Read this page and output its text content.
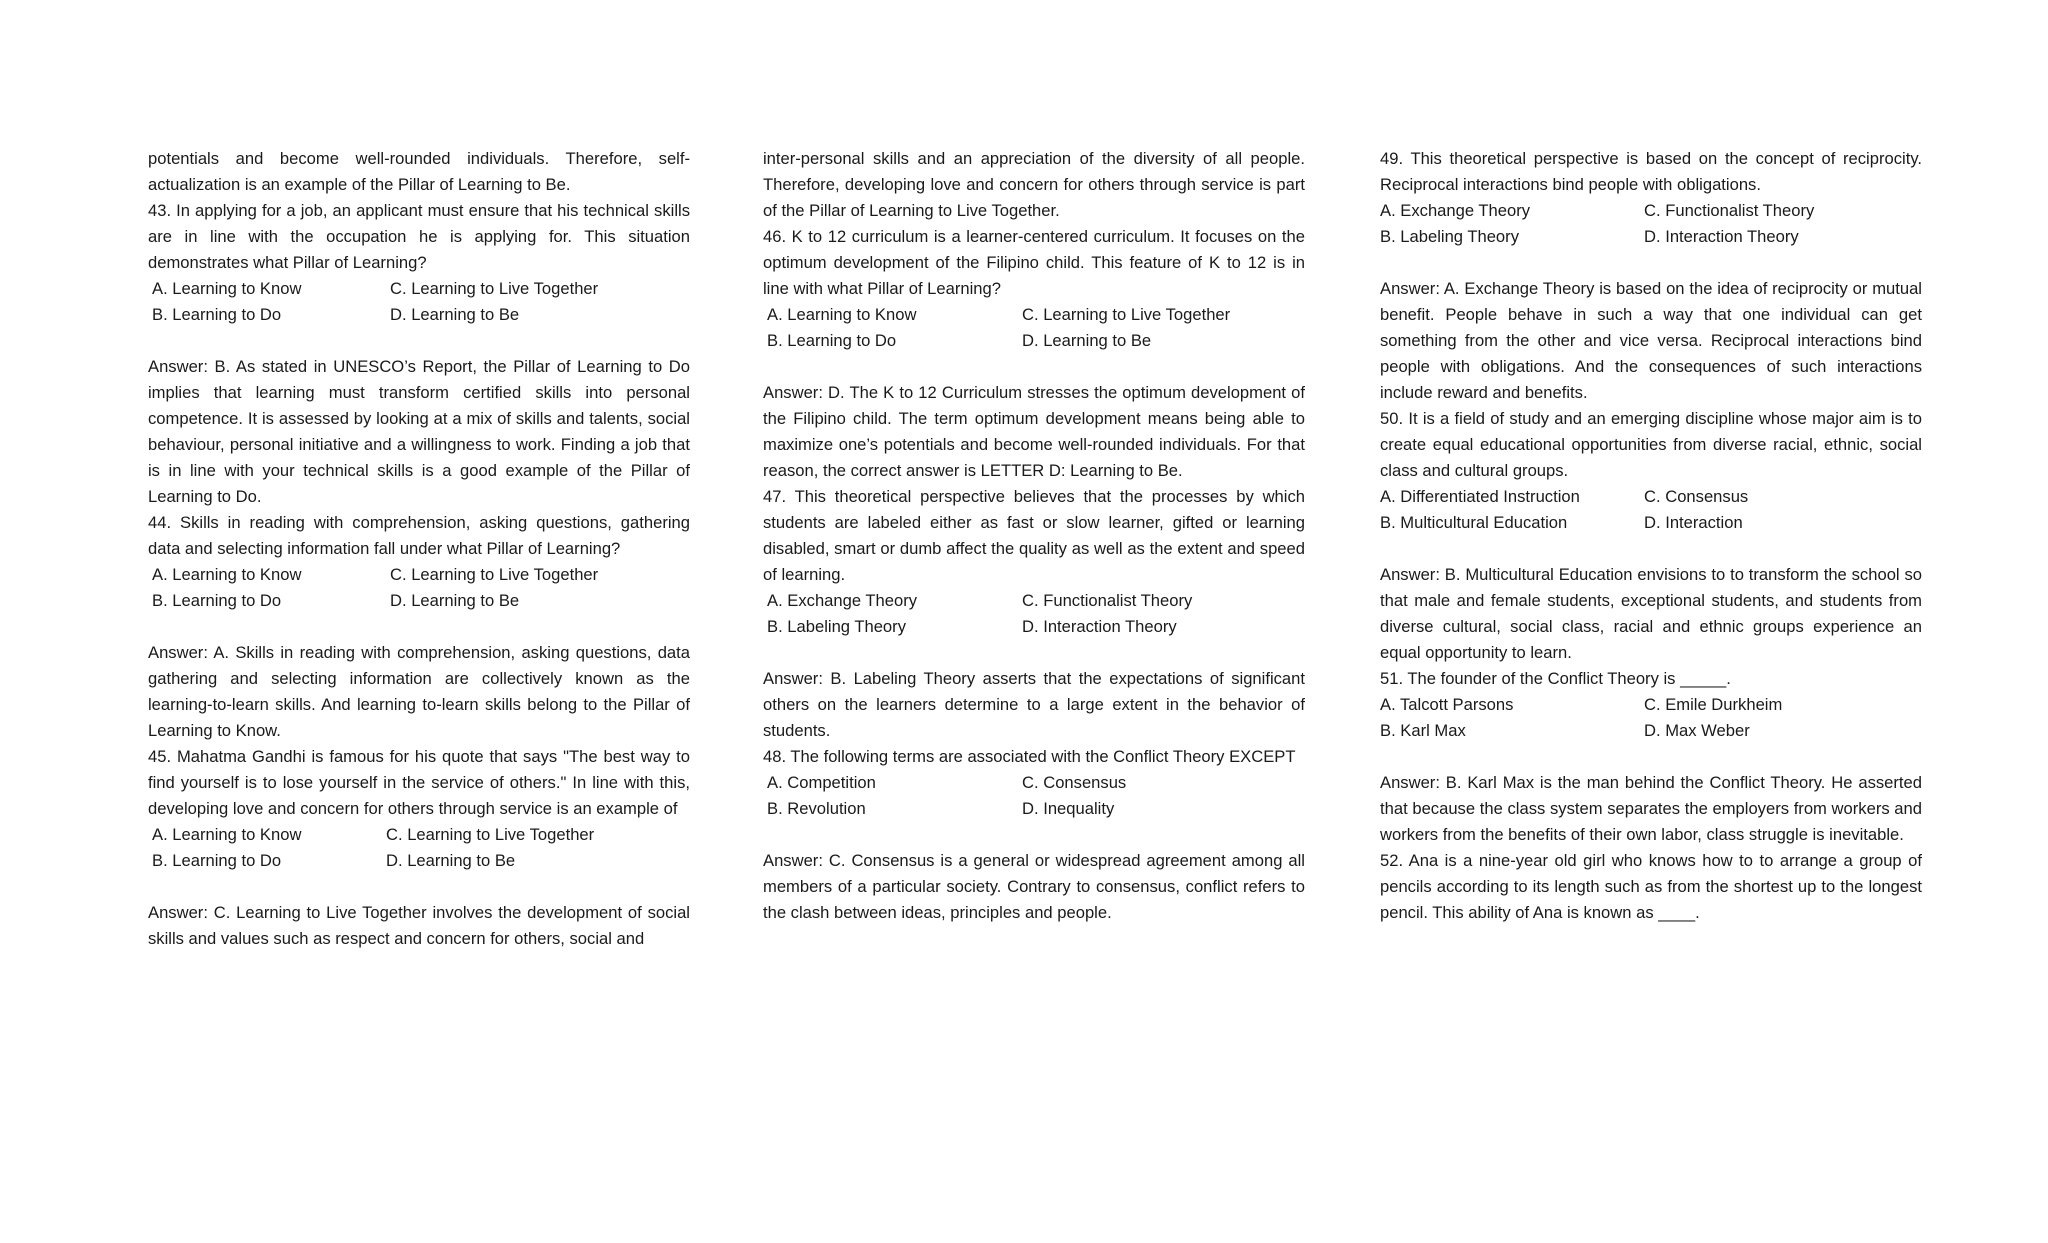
potentials and become well-rounded individuals. Therefore, self-actualization is an example of the Pillar of Learning to Be.

43. In applying for a job, an applicant must ensure that his technical skills are in line with the occupation he is applying for. This situation demonstrates what Pillar of Learning?

A. Learning to Know	C. Learning to Live Together
B. Learning to Do	D. Learning to Be

Answer: B. As stated in UNESCO’s Report, the Pillar of Learning to Do implies that learning must transform certified skills into personal competence. It is assessed by looking at a mix of skills and talents, social behaviour, personal initiative and a willingness to work. Finding a job that is in line with your technical skills is a good example of the Pillar of Learning to Do.

44. Skills in reading with comprehension, asking questions, gathering data and selecting information fall under what Pillar of Learning?

A. Learning to Know	C. Learning to Live Together
B. Learning to Do	D. Learning to Be

Answer: A. Skills in reading with comprehension, asking questions, data gathering and selecting information are collectively known as the learning-to-learn skills. And learning to-learn skills belong to the Pillar of Learning to Know.

45. Mahatma Gandhi is famous for his quote that says "The best way to find yourself is to lose yourself in the service of others." In line with this, developing love and concern for others through service is an example of

A. Learning to Know	C. Learning to Live Together
B. Learning to Do	D. Learning to Be

Answer: C. Learning to Live Together involves the development of social skills and values such as respect and concern for others, social and

inter-personal skills and an appreciation of the diversity of all people. Therefore, developing love and concern for others through service is part of the Pillar of Learning to Live Together.

46. K to 12 curriculum is a learner-centered curriculum. It focuses on the optimum development of the Filipino child. This feature of K to 12 is in line with what Pillar of Learning?

A. Learning to Know	C. Learning to Live Together
B. Learning to Do	D. Learning to Be

Answer: D. The K to 12 Curriculum stresses the optimum development of the Filipino child. The term optimum development means being able to maximize one’s potentials and become well-rounded individuals. For that reason, the correct answer is LETTER D: Learning to Be.

47. This theoretical perspective believes that the processes by which students are labeled either as fast or slow learner, gifted or learning disabled, smart or dumb affect the quality as well as the extent and speed of learning.

A. Exchange Theory	C. Functionalist Theory
B. Labeling Theory	D. Interaction Theory

Answer: B. Labeling Theory asserts that the expectations of significant others on the learners determine to a large extent in the behavior of students.

48. The following terms are associated with the Conflict Theory EXCEPT

A. Competition	C. Consensus
B. Revolution	D. Inequality

Answer: C. Consensus is a general or widespread agreement among all members of a particular society. Contrary to consensus, conflict refers to the clash between ideas, principles and people.

49. This theoretical perspective is based on the concept of reciprocity. Reciprocal interactions bind people with obligations.

A. Exchange Theory	C. Functionalist Theory
B. Labeling Theory	D. Interaction Theory

Answer: A. Exchange Theory is based on the idea of reciprocity or mutual benefit. People behave in such a way that one individual can get something from the other and vice versa. Reciprocal interactions bind people with obligations. And the consequences of such interactions include reward and benefits.

50. It is a field of study and an emerging discipline whose major aim is to create equal educational opportunities from diverse racial, ethnic, social class and cultural groups.

A. Differentiated Instruction	C. Consensus
B. Multicultural Education	D. Interaction

Answer: B. Multicultural Education envisions to to transform the school so that male and female students, exceptional students, and students from diverse cultural, social class, racial and ethnic groups experience an equal opportunity to learn.

51. The founder of the Conflict Theory is _____.

A. Talcott Parsons	C. Emile Durkheim
B. Karl Max	D. Max Weber

Answer: B. Karl Max is the man behind the Conflict Theory. He asserted that because the class system separates the employers from workers and workers from the benefits of their own labor, class struggle is inevitable.

52. Ana is a nine-year old girl who knows how to to arrange a group of pencils according to its length such as from the shortest up to the longest pencil. This ability of Ana is known as ____.
